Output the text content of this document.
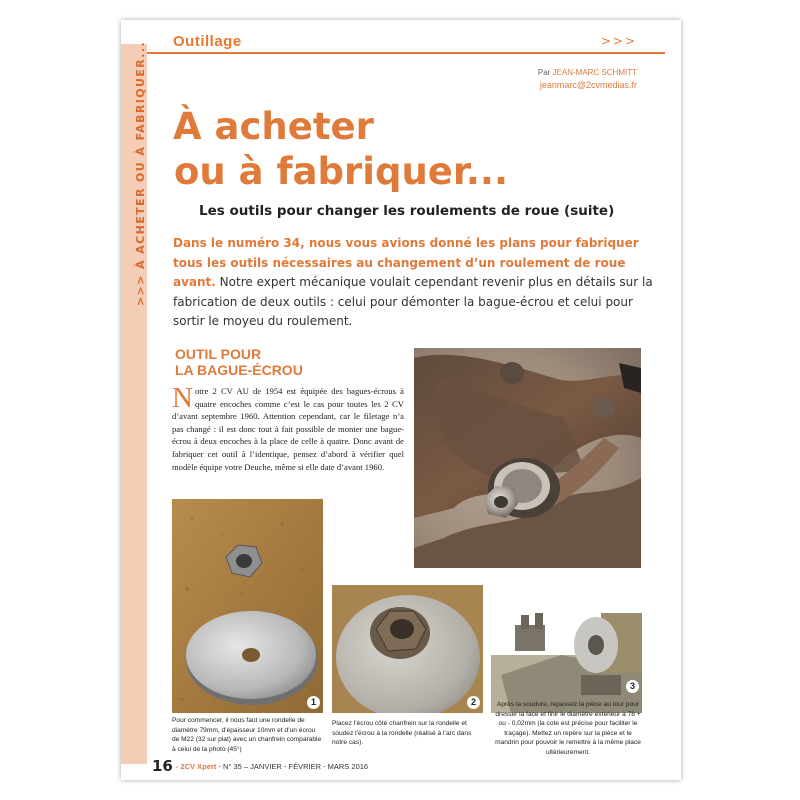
>>> À ACHETER OU À FABRIQUER... Outillage	>>>
Par JEAN-MARC SCHMITT
jeanmarc@2cvmedias.fr
À acheter
ou à fabriquer...
Les outils pour changer les roulements de roue (suite)
Dans le numéro 34, nous vous avions donné les plans pour fabriquer tous les outils nécessaires au changement d’un roulement de roue avant. Notre expert mécanique voulait cependant revenir plus en détails sur la fabrication de deux outils : celui pour démonter la bague-écrou et celui pour sortir le moyeu du roulement.
OUTIL POUR
LA BAGUE-ÉCROU
Notre 2 CV AU de 1954 est équipée des bagues-écrous à quatre encoches comme c’est le cas pour toutes les 2 CV d’avant septembre 1960. Attention cependant, car le filetage n’a pas changé : il est donc tout à fait possible de monter une bague-écrou à deux encoches à la place de celle à quatre. Donc avant de fabriquer cet outil à l’identique, pensez d’abord à vérifier quel modèle équipe votre Deuche, même si elle date d’avant 1960.
1	2
3
Pour commencer, il nous faut une rondelle de diamètre 79mm, d’épaisseur 10mm et d’un écrou de M22 (32 sur plat) avec un chanfrein comparable à celui de la photo (45°)
Placez l’écrou côté chanfrein sur la rondelle et soudez l’écrou à la rondelle (réalisé à l’arc dans notre cas).
Après la soudure, repassez la pièce au tour pour dresser la face et finir le diamètre extérieur à 78 + ou - 0,02mm (la cote est précise pour faciliter le traçage). Mettez un repère sur la pièce et le mandrin pour pouvoir le remettre à la même place ultérieurement.
16 - 2CV Xpert - N° 35 – JANVIER - FÉVRIER - MARS 2016
